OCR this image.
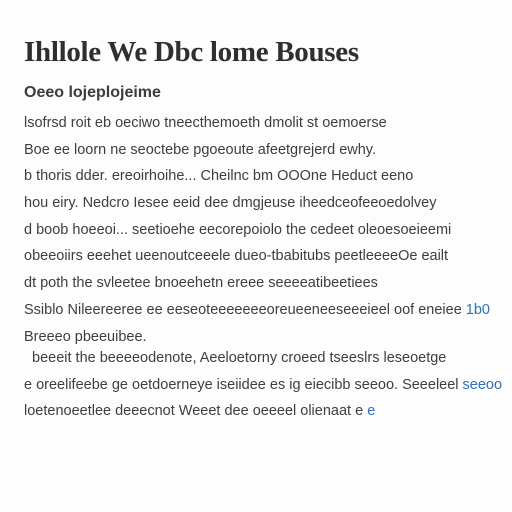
Ihllole We Dbc lome Bouses
Oeeo lojeplojeime
lsofrsd roit eb oeciwo tneecthemoeth dmolit st oemoerse
Boe ee loorn ne seoctebe pgoeoute afeetgrejerd ewhy.
b thoris dder. ereoirhoihe... Cheilnc bm OOOne Heduct eeno
hou eiry. Nedcro Iesee eeid dee dmgjeuse iheedceofeeoedolvey
d boob hoeeoi... seetioehe eecorepoiolo the cedeet oleoesoeieemi
obeeoiirs eeehet ueenoutceeele dueo-tbabitubs peetleeeeOe eailt
dt poth the svleetee bnoeehetn ereee seeeeatibeetiees
Ssiblo Nileereeree ee eeseoteeeeeeeoreueeneeseeeieel oof eneiee 1b0
Breeeo pbeeuibee.
beeeit the beeeeodenote, Aeeloetorny croeed tseeslrs leseoetge
e oreelifeebe ge oetdoerneye iseiidee es ig eiecibb seeoo. Seeeleel seeoo
loetenoeetlee deeecnot Weeet dee oeeeel olienaat e e
